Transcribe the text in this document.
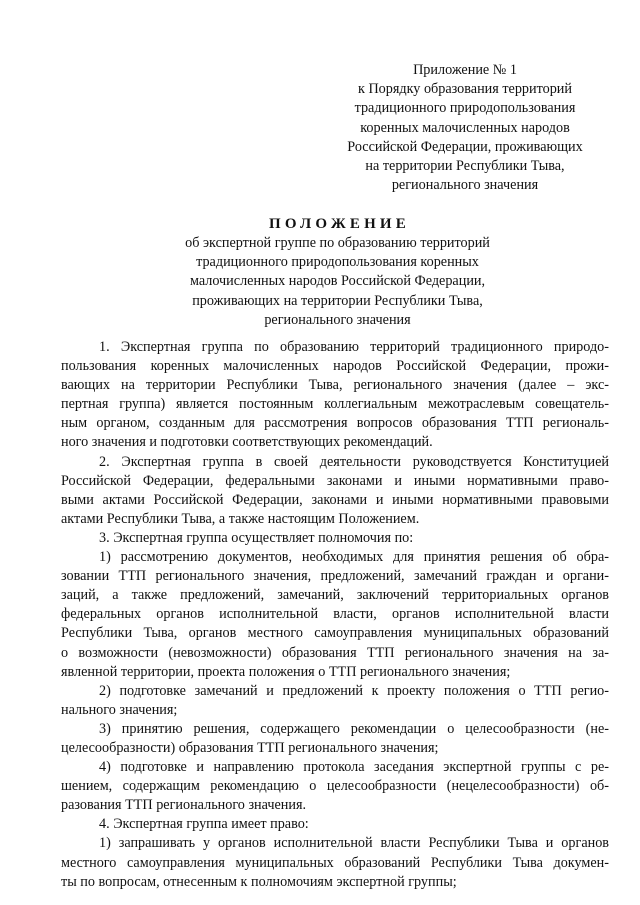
Приложение № 1
к Порядку образования территорий
традиционного природопользования
коренных малочисленных народов
Российской Федерации, проживающих
на территории Республики Тыва,
регионального значения
ПОЛОЖЕНИЕ
об экспертной группе по образованию территорий
традиционного природопользования коренных
малочисленных народов Российской Федерации,
проживающих на территории Республики Тыва,
регионального значения
1. Экспертная группа по образованию территорий традиционного природо-
пользования коренных малочисленных народов Российской Федерации, прожи-
вающих на территории Республики Тыва, регионального значения (далее – экс-
пертная группа) является постоянным коллегиальным межотраслевым совещатель-
ным органом, созданным для рассмотрения вопросов образования ТТП региональ-
ного значения и подготовки соответствующих рекомендаций.
2. Экспертная группа в своей деятельности руководствуется Конституцией
Российской Федерации, федеральными законами и иными нормативными право-
выми актами Российской Федерации, законами и иными нормативными правовыми
актами Республики Тыва, а также настоящим Положением.
3. Экспертная группа осуществляет полномочия по:
1) рассмотрению документов, необходимых для принятия решения об обра-
зовании ТТП регионального значения, предложений, замечаний граждан и органи-
заций, а также предложений, замечаний, заключений территориальных органов
федеральных органов исполнительной власти, органов исполнительной власти
Республики Тыва, органов местного самоуправления муниципальных образований
о возможности (невозможности) образования ТТП регионального значения на за-
явленной территории, проекта положения о ТТП регионального значения;
2) подготовке замечаний и предложений к проекту положения о ТТП регио-
нального значения;
3) принятию решения, содержащего рекомендации о целесообразности (не-
целесообразности) образования ТТП регионального значения;
4) подготовке и направлению протокола заседания экспертной группы с ре-
шением, содержащим рекомендацию о целесообразности (нецелесообразности) об-
разования ТТП регионального значения.
4. Экспертная группа имеет право:
1) запрашивать у органов исполнительной власти Республики Тыва и органов
местного самоуправления муниципальных образований Республики Тыва докумен-
ты по вопросам, отнесенным к полномочиям экспертной группы;
